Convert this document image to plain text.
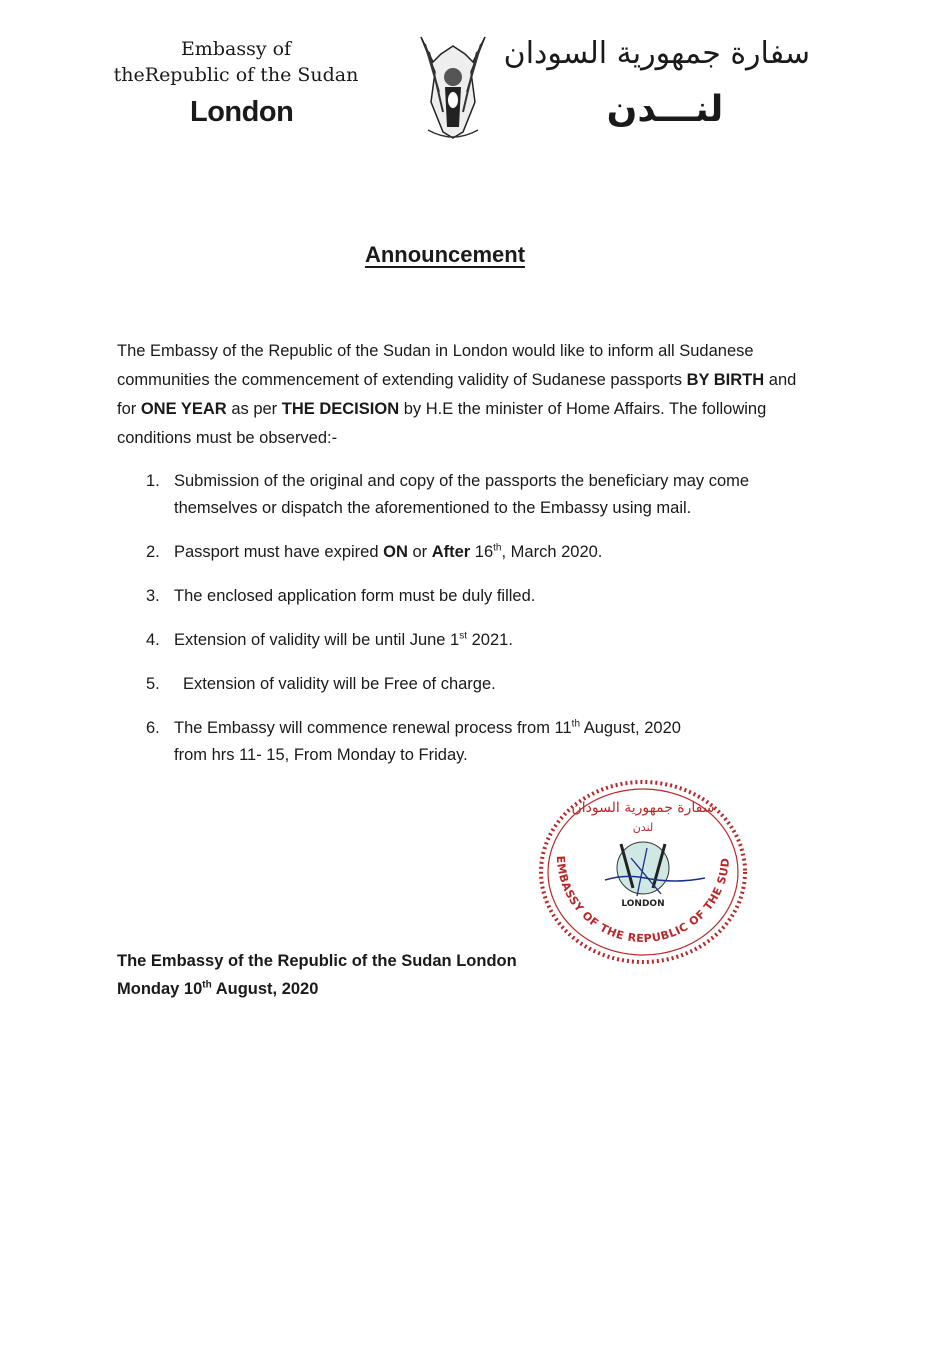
Embassy of
theRepublic of the Sudan
London
سفارة جمهورية السودان
لنـــدن
Announcement
The Embassy of the Republic of the Sudan in London would like to inform all Sudanese communities the commencement of extending validity of Sudanese passports BY BIRTH and for ONE YEAR as per THE DECISION by H.E the minister of Home Affairs. The following conditions must be observed:-
1. Submission of the original and copy of the passports the beneficiary may come themselves or dispatch the aforementioned to the Embassy using mail.
2. Passport must have expired ON or After 16th, March 2020.
3. The enclosed application form must be duly filled.
4. Extension of validity will be until June 1st 2021.
5.	Extension of validity will be Free of charge.
6. The Embassy will commence renewal process from 11th August, 2020
from hrs 11- 15, From Monday to Friday.
The Embassy of the Republic of the Sudan London
Monday 10th August, 2020
EMBASSY OF THE REPUBLIC OF THE SUD
سفارة جمهورية السودان
لندن
LONDON
